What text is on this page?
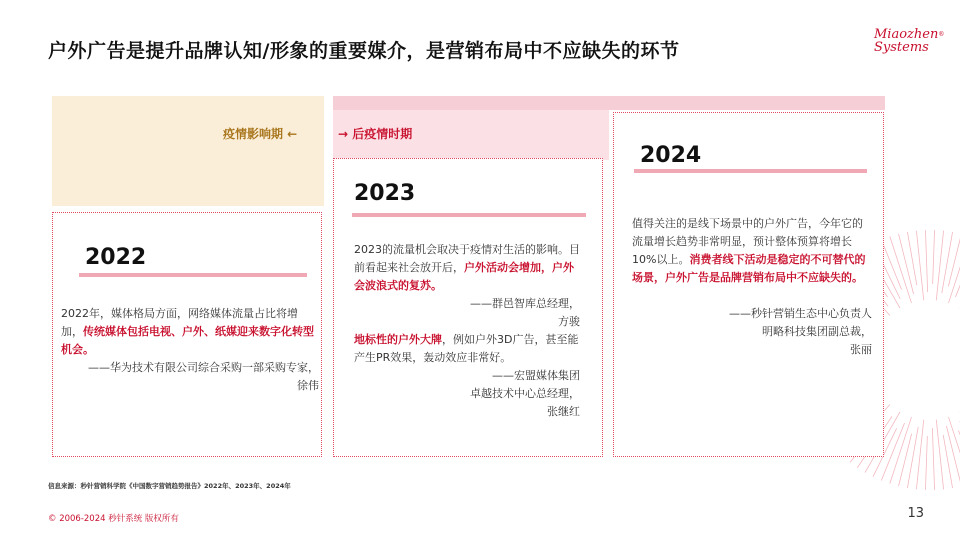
户外广告是提升品牌认知/形象的重要媒介，是营销布局中不应缺失的环节
Miaozhen®
Systems
疫情影响期 ←	→ 后疫情时期
2022
2022年，媒体格局方面，网络媒体流量占比将增加，传统媒体包括电视、户外、纸媒迎来数字化转型机会。
——华为技术有限公司综合采购一部采购专家，
徐伟
2023
2023的流量机会取决于疫情对生活的影响。目前看起来社会放开后，户外活动会增加，户外会波浪式的复苏。
——群邑智库总经理，
方骏
地标性的户外大牌，例如户外3D广告，甚至能产生PR效果，轰动效应非常好。
——宏盟媒体集团
卓越技术中心总经理，
张继红
2024
值得关注的是线下场景中的户外广告，今年它的流量增长趋势非常明显，预计整体预算将增长10%以上。消费者线下活动是稳定的不可替代的场景，户外广告是品牌营销布局中不应缺失的。
——秒针营销生态中心负责人
明略科技集团副总裁，
张丽
信息来源：秒针营销科学院《中国数字营销趋势报告》2022年、2023年、2024年
© 2006-2024 秒针系统 版权所有	13
